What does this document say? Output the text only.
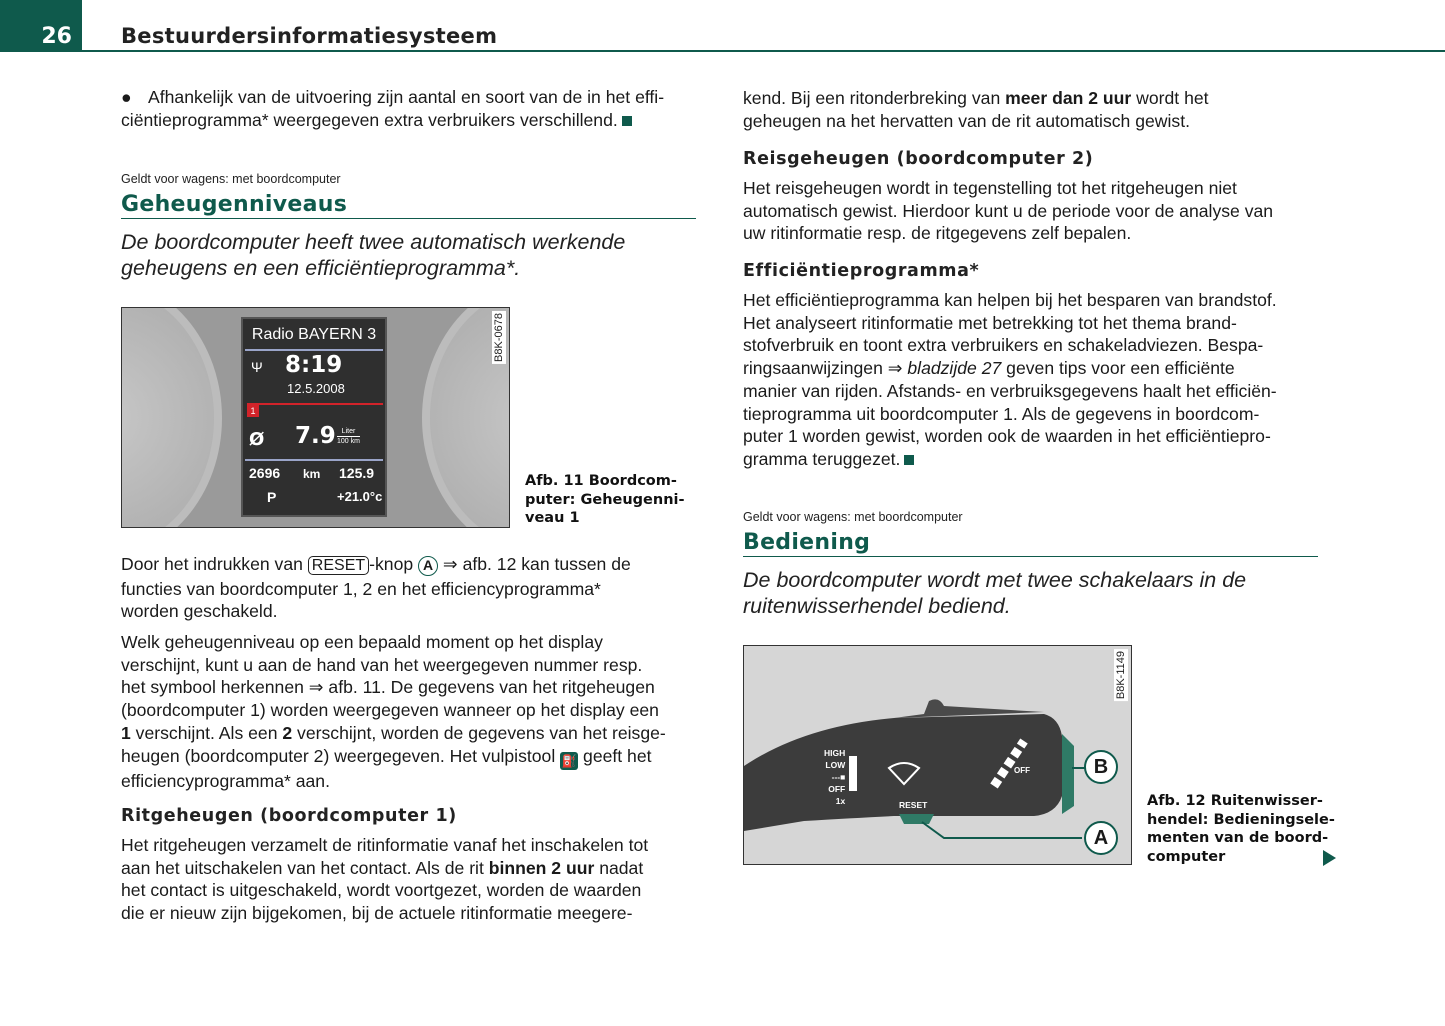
26	Bestuurdersinformatiesysteem
● Afhankelijk van de uitvoering zijn aantal en soort van de in het effi-
ciëntieprogramma* weergegeven extra verbruikers verschillend.
Geldt voor wagens: met boordcomputer
Geheugenniveaus
De boordcomputer heeft twee automatisch werkende
geheugens en een efficiëntieprogramma*.
Radio BAYERN 3
Ψ 8:19
12.5.2008
1
Ø 7.9 Liter
100 km
2696 km 125.9
P	+21.0°c
B8K-0678
Afb. 11 Boordcom-
puter: Geheugenni-
veau 1
Door het indrukken van RESET -knop A ⇒ afb. 12 kan tussen de
functies van boordcomputer 1, 2 en het efficiencyprogramma*
worden geschakeld.
Welk geheugenniveau op een bepaald moment op het display
verschijnt, kunt u aan de hand van het weergegeven nummer resp.
het symbool herkennen ⇒ afb. 11. De gegevens van het ritgeheugen
(boordcomputer 1) worden weergegeven wanneer op het display een
1 verschijnt. Als een 2 verschijnt, worden de gegevens van het reisge-
heugen (boordcomputer 2) weergegeven. Het vulpistool ⛽ geeft het
efficiencyprogramma* aan.
Ritgeheugen (boordcomputer 1)
Het ritgeheugen verzamelt de ritinformatie vanaf het inschakelen tot
aan het uitschakelen van het contact. Als de rit binnen 2 uur nadat
het contact is uitgeschakeld, wordt voortgezet, worden de waarden
die er nieuw zijn bijgekomen, bij de actuele ritinformatie meegere-
kend. Bij een ritonderbreking van meer dan 2 uur wordt het
geheugen na het hervatten van de rit automatisch gewist.
Reisgeheugen (boordcomputer 2)
Het reisgeheugen wordt in tegenstelling tot het ritgeheugen niet
automatisch gewist. Hierdoor kunt u de periode voor de analyse van
uw ritinformatie resp. de ritgegevens zelf bepalen.
Efficiëntieprogramma*
Het efficiëntieprogramma kan helpen bij het besparen van brandstof.
Het analyseert ritinformatie met betrekking tot het thema brand-
stofverbruik en toont extra verbruikers en schakeladviezen. Bespa-
ringsaanwijzingen ⇒ bladzijde 27 geven tips voor een efficiënte
manier van rijden. Afstands- en verbruiksgegevens haalt het efficiën-
tieprogramma uit boordcomputer 1. Als de gegevens in boordcom-
puter 1 worden gewist, worden ook de waarden in het efficiëntiepro-
gramma teruggezet.
Geldt voor wagens: met boordcomputer
Bediening
De boordcomputer wordt met twee schakelaars in de
ruitenwisserhendel bediend.
HIGH
LOW
---■
OFF
1x	RESET
OFF	B
A
B8K-1149
Afb. 12 Ruitenwisser-
hendel: Bedieningsele-
menten van de boord-
computer
